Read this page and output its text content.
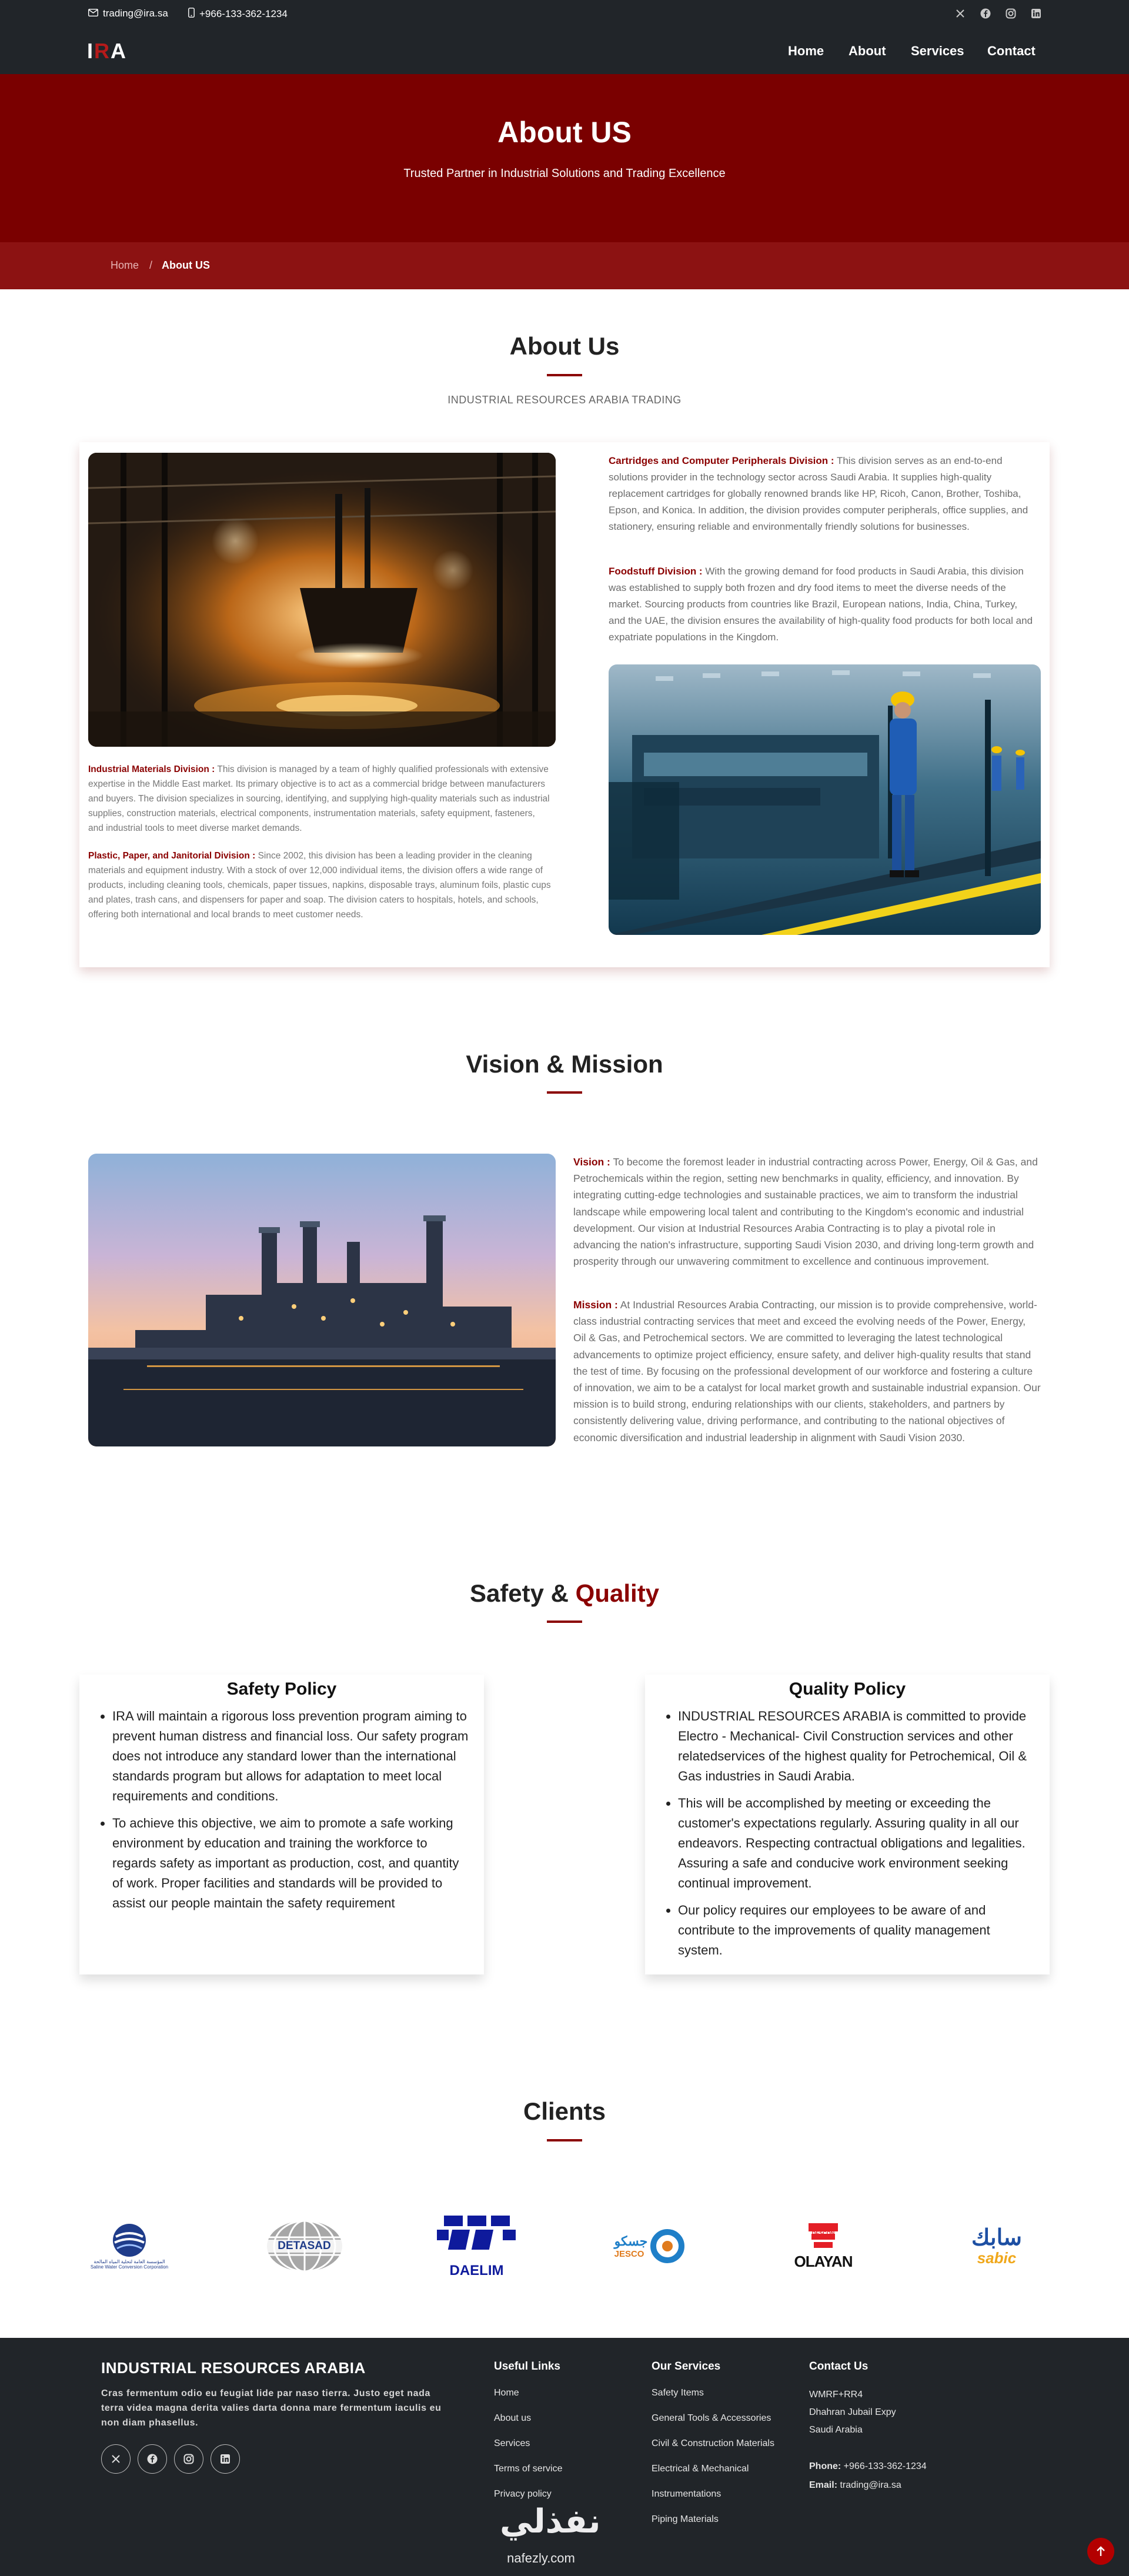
trading@ira.sa	+966-133-362-1234
IRA	Home About Services Contact
About US

Trusted Partner in Industrial Solutions and Trading Excellence

Home / About US
About Us
INDUSTRIAL RESOURCES ARABIA TRADING
Cartridges and Computer Peripherals Division : This division serves as an end-to-end solutions provider in the technology sector across Saudi Arabia. It supplies high-quality replacement cartridges for globally renowned brands like HP, Ricoh, Canon, Brother, Toshiba, Epson, and Konica. In addition, the division provides computer peripherals, office supplies, and stationery, ensuring reliable and environmentally friendly solutions for businesses.
Foodstuff Division : With the growing demand for food products in Saudi Arabia, this division was established to supply both frozen and dry food items to meet the diverse needs of the market. Sourcing products from countries like Brazil, European nations, India, China, Turkey, and the UAE, the division ensures the availability of high-quality food products for both local and expatriate populations in the Kingdom.
Industrial Materials Division : This division is managed by a team of highly qualified professionals with extensive expertise in the Middle East market. Its primary objective is to act as a commercial bridge between manufacturers and buyers. The division specializes in sourcing, identifying, and supplying high-quality materials such as industrial supplies, construction materials, electrical components, instrumentation materials, safety equipment, fasteners, and industrial tools to meet diverse market demands.
Plastic, Paper, and Janitorial Division : Since 2002, this division has been a leading provider in the cleaning materials and equipment industry. With a stock of over 12,000 individual items, the division offers a wide range of products, including cleaning tools, chemicals, paper tissues, napkins, disposable trays, aluminum foils, plastic cups and plates, trash cans, and dispensers for paper and soap. The division caters to hospitals, hotels, and schools, offering both international and local brands to meet customer needs.
Vision & Mission
Vision : To become the foremost leader in industrial contracting across Power, Energy, Oil & Gas, and Petrochemicals within the region, setting new benchmarks in quality, efficiency, and innovation. By integrating cutting-edge technologies and sustainable practices, we aim to transform the industrial landscape while empowering local talent and contributing to the Kingdom's economic and industrial development. Our vision at Industrial Resources Arabia Contracting is to play a pivotal role in advancing the nation's infrastructure, supporting Saudi Vision 2030, and driving long-term growth and prosperity through our unwavering commitment to excellence and continuous improvement.
Mission : At Industrial Resources Arabia Contracting, our mission is to provide comprehensive, world-class industrial contracting services that meet and exceed the evolving needs of the Power, Energy, Oil & Gas, and Petrochemical sectors. We are committed to leveraging the latest technological advancements to optimize project efficiency, ensure safety, and deliver high-quality results that stand the test of time. By focusing on the professional development of our workforce and fostering a culture of innovation, we aim to be a catalyst for local market growth and sustainable industrial expansion. Our mission is to build strong, enduring relationships with our clients, stakeholders, and partners by consistently delivering value, driving performance, and contributing to the national objectives of economic diversification and industrial leadership in alignment with Saudi Vision 2030.
Safety & Quality
Safety Policy
• IRA will maintain a rigorous loss prevention program aiming to prevent human distress and financial loss. Our safety program does not introduce any standard lower than the international standards program but allows for adaptation to meet local requirements and conditions.
• To achieve this objective, we aim to promote a safe working environment by education and training the workforce to regards safety as important as production, cost, and quantity of work. Proper facilities and standards will be provided to assist our people maintain the safety requirement
Quality Policy
• INDUSTRIAL RESOURCES ARABIA is committed to provide Electro - Mechanical- Civil Construction services and other relatedservices of the highest quality for Petrochemical, Oil & Gas industries in Saudi Arabia.
• This will be accomplished by meeting or exceeding the customer's expectations regularly. Assuring quality in all our endeavors. Respecting contractual obligations and legalities. Assuring a safe and conducive work environment seeking continual improvement.
• Our policy requires our employees to be aware of and contribute to the improvements of quality management system.
Clients
المؤسسة العامة لتحلية المياه المالحة
Saline Water Conversion Corporation
DETASAD
DAELIM
جسكو
JESCO
DESCON
OLAYAN
سابك
sabic
INDUSTRIAL RESOURCES ARABIA
Cras fermentum odio eu feugiat lide par naso tierra. Justo eget nada terra videa magna derita valies darta donna mare fermentum iaculis eu non diam phasellus.
Useful Links
Home
About us
Services
Terms of service
Privacy policy
Our Services
Safety Items
General Tools & Accessories
Civil & Construction Materials
Electrical & Mechanical
Instrumentations
Piping Materials
Contact Us
WMRF+RR4
Dhahran Jubail Expy
Saudi Arabia
Phone: +966-133-362-1234
Email: trading@ira.sa
نفذلي
nafezly.com
